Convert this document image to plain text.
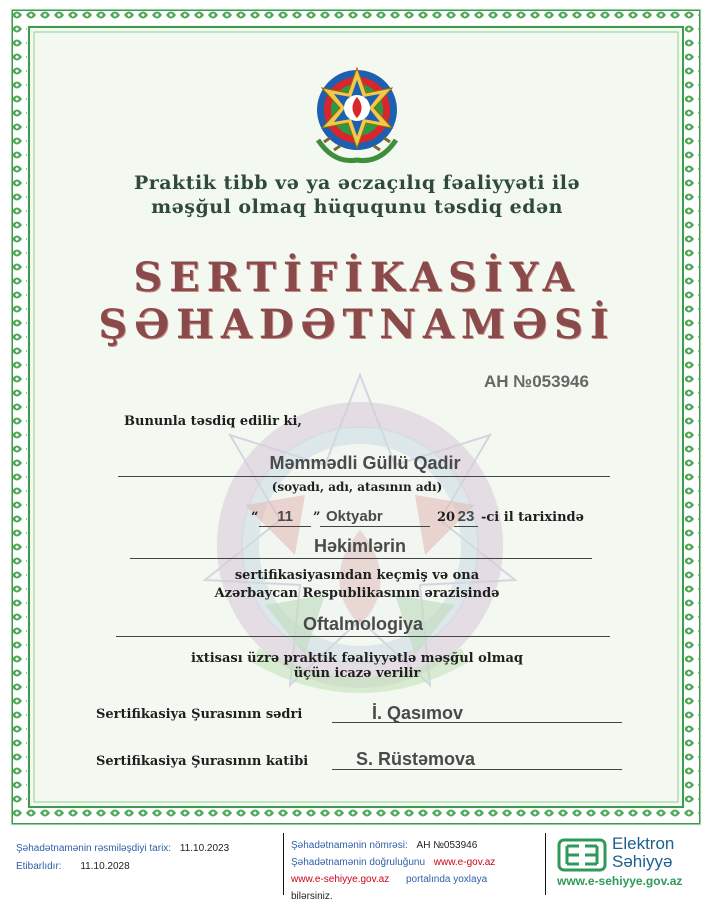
Praktik tibb və ya əczaçılıq fəaliyyəti ilə
məşğul olmaq hüququnu təsdiq edən
SERTİFİKASİYA
ŞƏHADƏTNAMƏSİ
AH №053946
Bununla təsdiq edilir ki,
Məmmədli Güllü Qadir
(soyadı, adı, atasının adı)
“	11	” Oktyabr	20 23 -ci il tarixində
Həkimlərin
sertifikasiyasından keçmiş və ona
Azərbaycan Respublikasının ərazisində
Oftalmologiya
ixtisası üzrə praktik fəaliyyətlə məşğul olmaq
üçün icazə verilir
Sertifikasiya Şurasının sədri	İ. Qasımov
Sertifikasiya Şurasının katibi	S. Rüstəmova
Şəhadətnamənin rəsmiləşdiyi tarix: 11.10.2023
Etibarlıdır: 11.10.2028
Şəhadətnamənin nömrəsi: AH №053946
Şəhadətnamənin doğruluğunu www.e-gov.az
www.e-sehiyye.gov.az portalında yoxlaya
bilərsiniz.
Elektron
Səhiyyə
www.e-sehiyye.gov.az
